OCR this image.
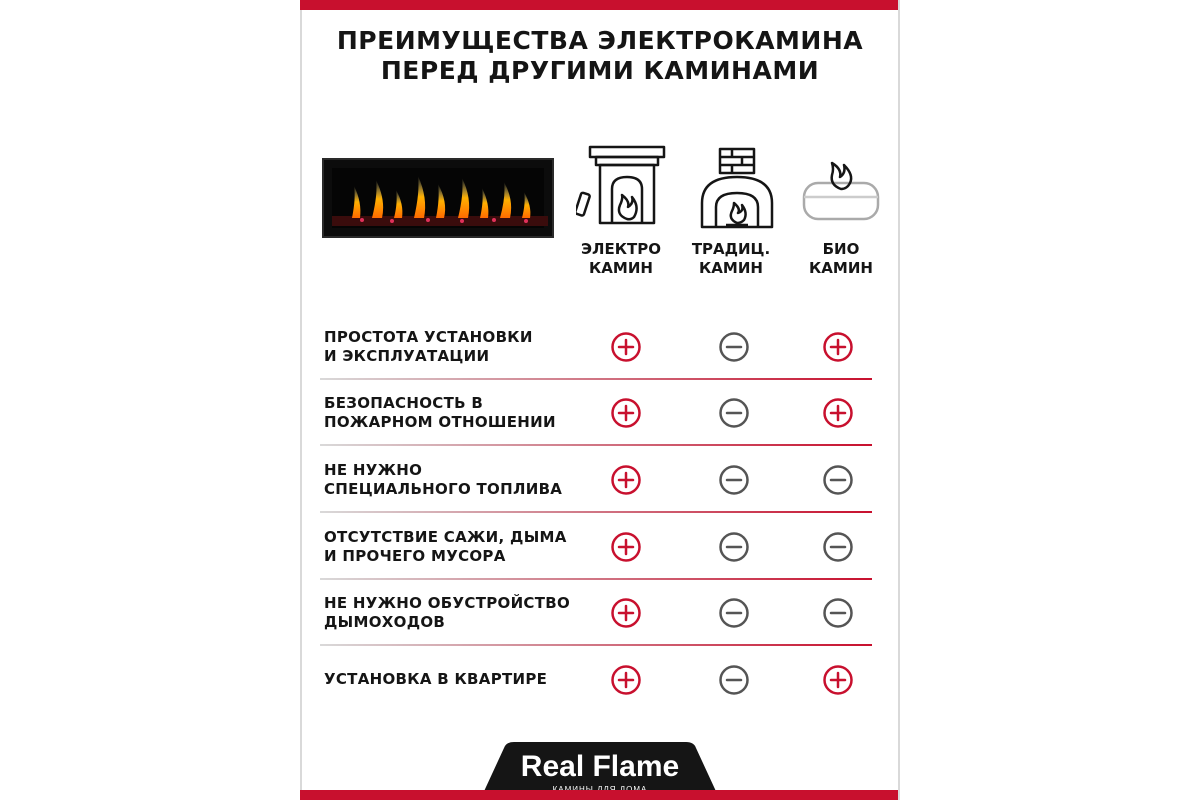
ПРЕИМУЩЕСТВА ЭЛЕКТРОКАМИНА
ПЕРЕД ДРУГИМИ КАМИНАМИ
ЭЛЕКТРО
КАМИН
ТРАДИЦ.
КАМИН
БИО
КАМИН
ПРОСТОТА УСТАНОВКИ
И ЭКСПЛУАТАЦИИ
БЕЗОПАСНОСТЬ В
ПОЖАРНОМ ОТНОШЕНИИ
НЕ НУЖНО
СПЕЦИАЛЬНОГО ТОПЛИВА
ОТСУТСТВИЕ САЖИ, ДЫМА
И ПРОЧЕГО МУСОРА
НЕ НУЖНО ОБУСТРОЙСТВО
ДЫМОХОДОВ
УСТАНОВКА В КВАРТИРЕ
Real Flame
